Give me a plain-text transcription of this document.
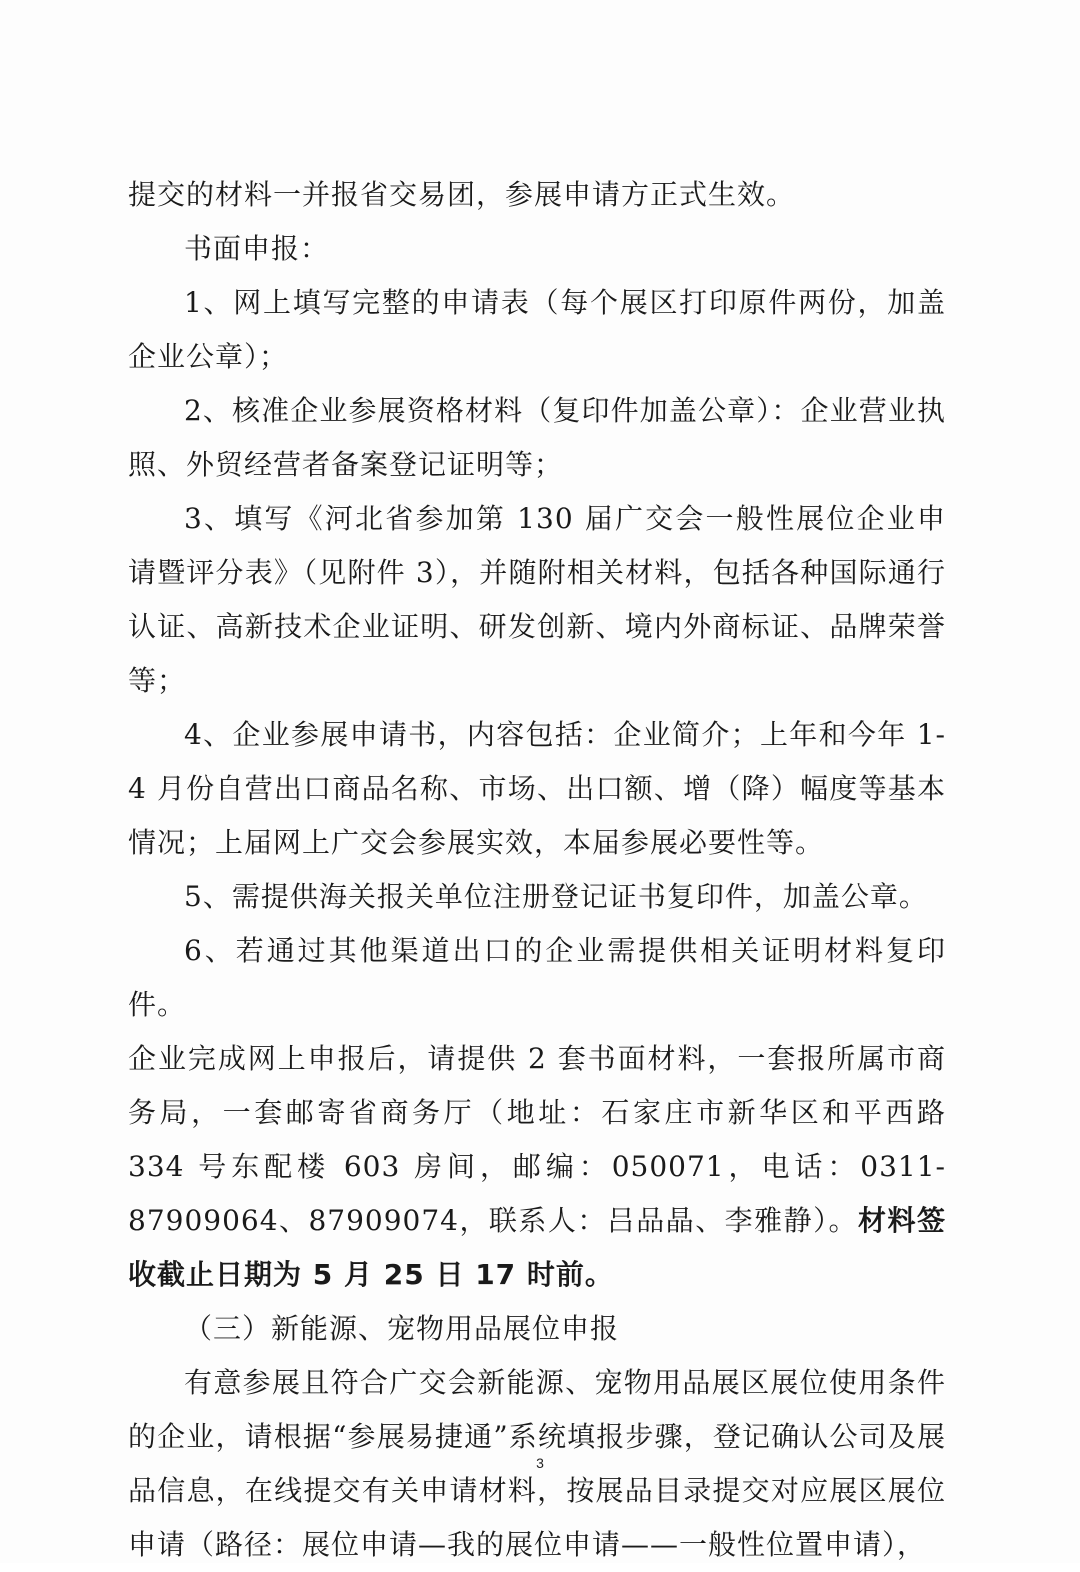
提交的材料一并报省交易团，参展申请方正式生效。

书面申报：

1、网上填写完整的申请表（每个展区打印原件两份，加盖企业公章）；

2、核准企业参展资格材料（复印件加盖公章）：企业营业执照、外贸经营者备案登记证明等；

3、填写《河北省参加第 130 届广交会一般性展位企业申请暨评分表》（见附件 3），并随附相关材料，包括各种国际通行认证、高新技术企业证明、研发创新、境内外商标证、品牌荣誉等；

4、企业参展申请书，内容包括：企业简介；上年和今年 1-4 月份自营出口商品名称、市场、出口额、增（降）幅度等基本情况；上届网上广交会参展实效，本届参展必要性等。

5、需提供海关报关单位注册登记证书复印件，加盖公章。

6、若通过其他渠道出口的企业需提供相关证明材料复印件。

企业完成网上申报后，请提供 2 套书面材料，一套报所属市商务局，一套邮寄省商务厅（地址：石家庄市新华区和平西路 334 号东配楼 603 房间，邮编：050071，电话：0311-87909064、87909074，联系人：吕品晶、李雅静）。材料签收截止日期为 5 月 25 日 17 时前。

（三）新能源、宠物用品展位申报

有意参展且符合广交会新能源、宠物用品展区展位使用条件的企业，请根据“参展易捷通”系统填报步骤，登记确认公司及展品信息，在线提交有关申请材料，按展品目录提交对应展区展位申请（路径：展位申请—我的展位申请——一般性位置申请），

3
